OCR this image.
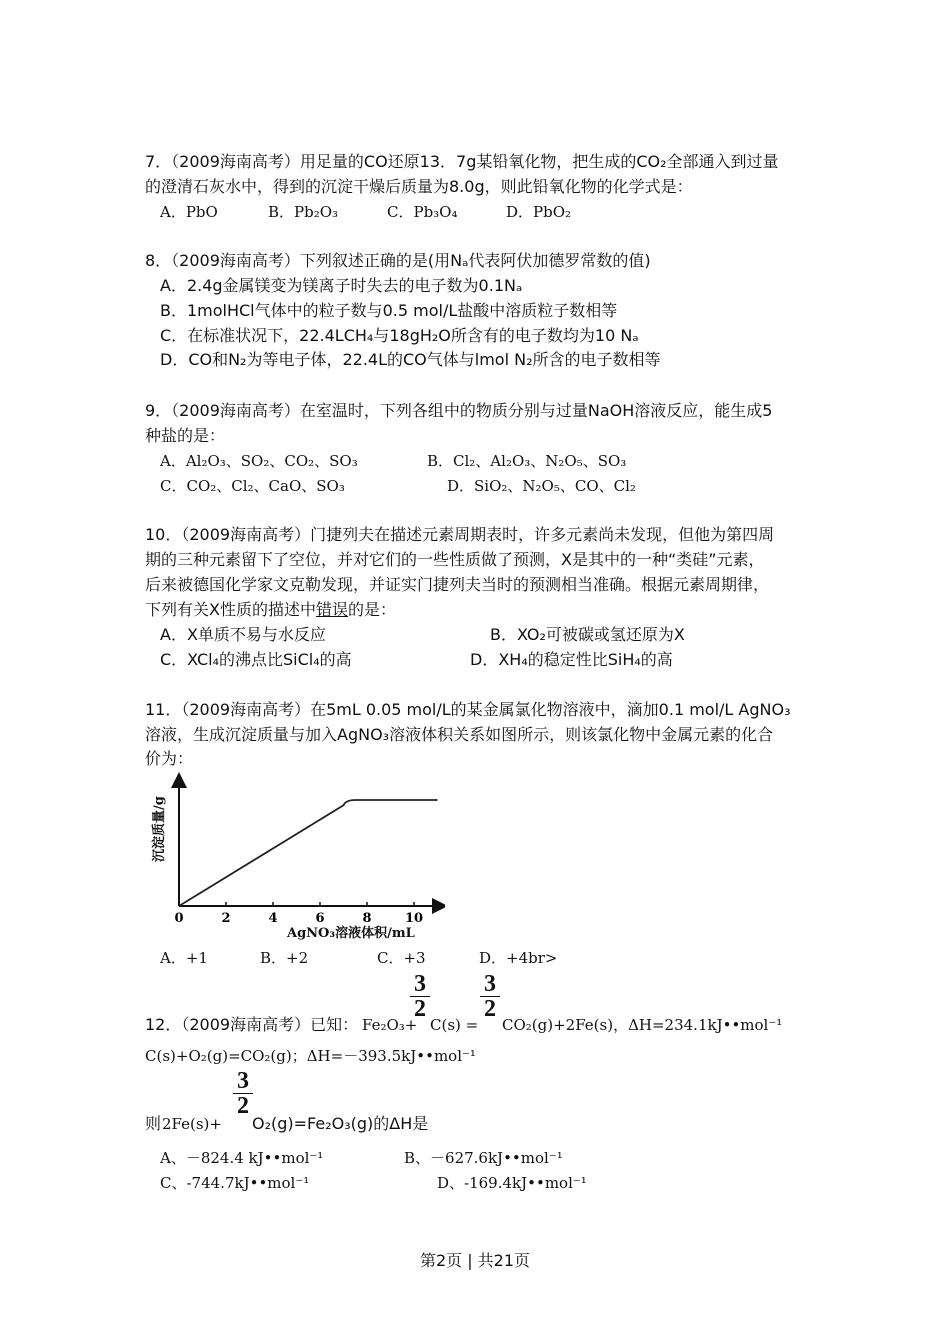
7．（2009海南高考）用足量的CO还原13．7g某铅氧化物，把生成的CO₂全部通入到过量
的澄清石灰水中，得到的沉淀干燥后质量为8.0g，则此铅氧化物的化学式是：
A．PbO	B．Pb₂O₃	C．Pb₃O₄	D．PbO₂
8．（2009海南高考）下列叙述正确的是(用Nₐ代表阿伏加德罗常数的值)
A．2.4g金属镁变为镁离子时失去的电子数为0.1Nₐ
B．1molHCl气体中的粒子数与0.5 mol/L盐酸中溶质粒子数相等
C．在标准状况下，22.4LCH₄与18gH₂O所含有的电子数均为10 Nₐ
D．CO和N₂为等电子体，22.4L的CO气体与lmol N₂所含的电子数相等
9．（2009海南高考）在室温时，下列各组中的物质分别与过量NaOH溶液反应，能生成5
种盐的是：
A．Al₂O₃、SO₂、CO₂、SO₃	B．Cl₂、Al₂O₃、N₂O₅、SO₃
C．CO₂、Cl₂、CaO、SO₃	D．SiO₂、N₂O₅、CO、Cl₂
10．（2009海南高考）门捷列夫在描述元素周期表时，许多元素尚未发现，但他为第四周
期的三种元素留下了空位，并对它们的一些性质做了预测，X是其中的一种“类硅”元素，
后来被德国化学家文克勒发现，并证实门捷列夫当时的预测相当准确。根据元素周期律，
下列有关X性质的描述中错误的是：
A．X单质不易与水反应	B．XO₂可被碳或氢还原为X
C．XCl₄的沸点比SiCl₄的高	D．XH₄的稳定性比SiH₄的高
11．（2009海南高考）在5mL 0.05 mol/L的某金属氯化物溶液中，滴加0.1 mol/L AgNO₃
溶液，生成沉淀质量与加入AgNO₃溶液体积关系如图所示，则该氯化物中金属元素的化合
价为：
0	2	4	6	8	10
沉淀质量/g
AgNO₃溶液体积/mL
A．+1	B．+2	C．+3	D．+4br>
3
2
3
2
12．（2009海南高考）已知： Fe₂O₃+ C(s) = CO₂(g)+2Fe(s)，ΔH=234.1kJ••mol⁻¹
C(s)+O₂(g)=CO₂(g)；ΔH=－393.5kJ••mol⁻¹
3
2
则 2Fe(s)+ O₂(g)=Fe₂O₃(g)的ΔH是
A、－824.4 kJ••mol⁻¹	B、－627.6kJ••mol⁻¹
C、-744.7kJ••mol⁻¹	D、-169.4kJ••mol⁻¹
第2页 | 共21页
